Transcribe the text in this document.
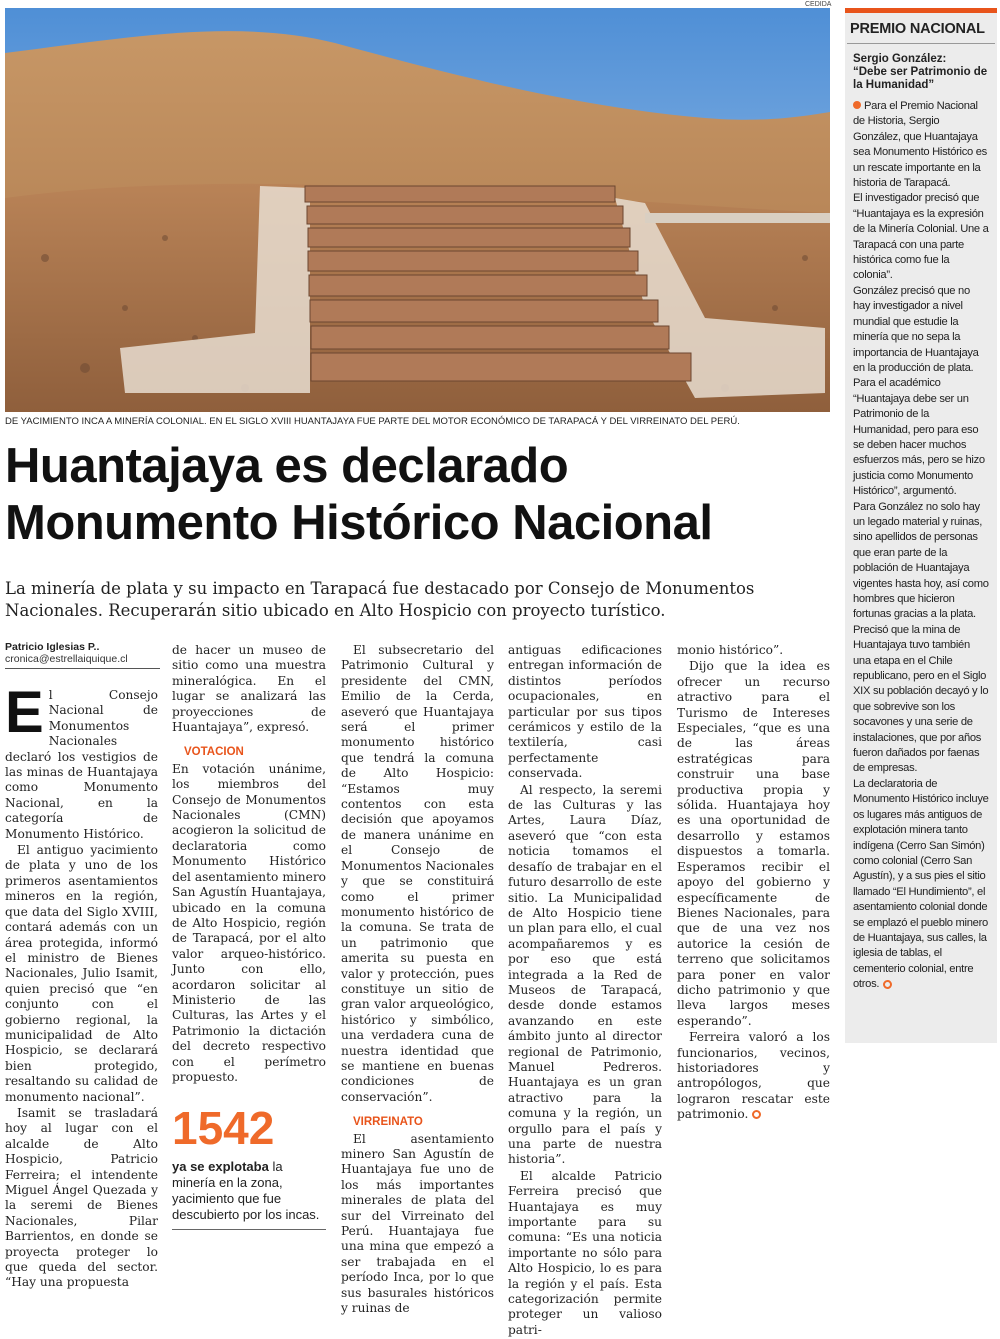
CEDIDA
DE YACIMIENTO INCA A MINERÍA COLONIAL. EN EL SIGLO XVIII HUANTAJAYA FUE PARTE DEL MOTOR ECONÓMICO DE TARAPACÁ Y DEL VIRREINATO DEL PERÚ.
Huantajaya es declarado
Monumento Histórico Nacional
La minería de plata y su impacto en Tarapacá fue destacado por Consejo de Monumentos Nacionales. Recuperarán sitio ubicado en Alto Hospicio con proyecto turístico.
Patricio Iglesias P..
cronica@estrellaiquique.cl

El Consejo Nacional de Monumentos Nacionales declaró los vestigios de las minas de Huantajaya como Monumento Nacional, en la categoría de Monumento Histórico.

El antiguo yacimiento de plata y uno de los primeros asentamientos mineros en la región, que data del Siglo XVIII, contará además con un área protegida, informó el ministro de Bienes Nacionales, Julio Isamit, quien precisó que “en conjunto con el gobierno regional, la municipalidad de Alto Hospicio, se declarará bien protegido, resaltando su calidad de monumento nacional”.

Isamit se trasladará hoy al lugar con el alcalde de Alto Hospicio, Patricio Ferreira; el intendente Miguel Ángel Quezada y la seremi de Bienes Nacionales, Pilar Barrientos, en donde se proyecta proteger lo que queda del sector. “Hay una propuesta

de hacer un museo de sitio como una muestra mineralógica. En el lugar se analizará las proyecciones de Huantajaya”, expresó.

VOTACION

En votación unánime, los miembros del Consejo de Monumentos Nacionales (CMN) acogieron la solicitud de declaratoria como Monumento Histórico del asentamiento minero San Agustín Huantajaya, ubicado en la comuna de Alto Hospicio, región de Tarapacá, por el alto valor arqueo-histórico. Junto con ello, acordaron solicitar al Ministerio de las Culturas, las Artes y el Patrimonio la dictación del decreto respectivo con el perímetro propuesto.

1542
ya se explotaba la minería en la zona, yacimiento que fue descubierto por los incas.

El subsecretario del Patrimonio Cultural y presidente del CMN, Emilio de la Cerda, aseveró que Huantajaya será el primer monumento histórico que tendrá la comuna de Alto Hospicio: “Estamos muy contentos con esta decisión que apoyamos de manera unánime en el Consejo de Monumentos Nacionales y que se constituirá como el primer monumento histórico de la comuna. Se trata de un patrimonio que amerita su puesta en valor y protección, pues constituye un sitio de gran valor arqueológico, histórico y simbólico, una verdadera cuna de nuestra identidad que se mantiene en buenas condiciones de conservación”.

VIRREINATO

El asentamiento minero San Agustín de Huantajaya fue uno de los más importantes minerales de plata del sur del Virreinato del Perú. Huantajaya fue una mina que empezó a ser trabajada en el período Inca, por lo que sus basurales históricos y ruinas de

antiguas edificaciones entregan información de distintos períodos ocupacionales, en particular por sus tipos cerámicos y estilo de la textilería, casi perfectamente conservada.

Al respecto, la seremi de las Culturas y las Artes, Laura Díaz, aseveró que “con esta noticia tomamos el desafío de trabajar en el futuro desarrollo de este sitio. La Municipalidad de Alto Hospicio tiene un plan para ello, el cual acompañaremos y es por eso que está integrada a la Red de Museos de Tarapacá, desde donde estamos avanzando en este ámbito junto al director regional de Patrimonio, Manuel Pedreros. Huantajaya es un gran atractivo para la comuna y la región, un orgullo para el país y una parte de nuestra historia”.

El alcalde Patricio Ferreira precisó que Huantajaya es muy importante para su comuna: “Es una noticia importante no sólo para Alto Hospicio, lo es para la región y el país. Esta categorización permite proteger un valioso patri-

monio histórico”.

Dijo que la idea es ofrecer un recurso atractivo para el Turismo de Intereses Especiales, “que es una de las áreas estratégicas para construir una base productiva propia y sólida. Huantajaya hoy es una oportunidad de desarrollo y estamos dispuestos a tomarla. Esperamos recibir el apoyo del gobierno y específicamente de Bienes Nacionales, para que de una vez nos autorice la cesión de terreno que solicitamos para poner en valor dicho patrimonio y que lleva largos meses esperando”.

Ferreira valoró a los funcionarios, vecinos, historiadores y antropólogos, que lograron rescatar este patrimonio.

PREMIO NACIONAL
Sergio González:
“Debe ser Patrimonio de la Humanidad”

Para el Premio Nacional de Historia, Sergio González, que Huantajaya sea Monumento Histórico es un rescate importante en la historia de Tarapacá.

El investigador precisó que “Huantajaya es la expresión de la Minería Colonial. Une a Tarapacá con una parte histórica como fue la colonia”.

González precisó que no hay investigador a nivel mundial que estudie la minería que no sepa la importancia de Huantajaya en la producción de plata. Para el académico “Huantajaya debe ser un Patrimonio de la Humanidad, pero para eso se deben hacer muchos esfuerzos más, pero se hizo justicia como Monumento Histórico”, argumentó.

Para González no solo hay un legado material y ruinas, sino apellidos de personas que eran parte de la población de Huantajaya vigentes hasta hoy, así como hombres que hicieron fortunas gracias a la plata.

Precisó que la mina de Huantajaya tuvo también una etapa en el Chile republicano, pero en el Siglo XIX su población decayó y lo que sobrevive son los socavones y una serie de instalaciones, que por años fueron dañados por faenas de empresas.

La declaratoria de Monumento Histórico incluye os lugares más antiguos de explotación minera tanto indígena (Cerro San Simón) como colonial (Cerro San Agustín), y a sus pies el sitio llamado “El Hundimiento”, el asentamiento colonial donde se emplazó el pueblo minero de Huantajaya, sus calles, la iglesia de tablas, el cementerio colonial, entre otros.
